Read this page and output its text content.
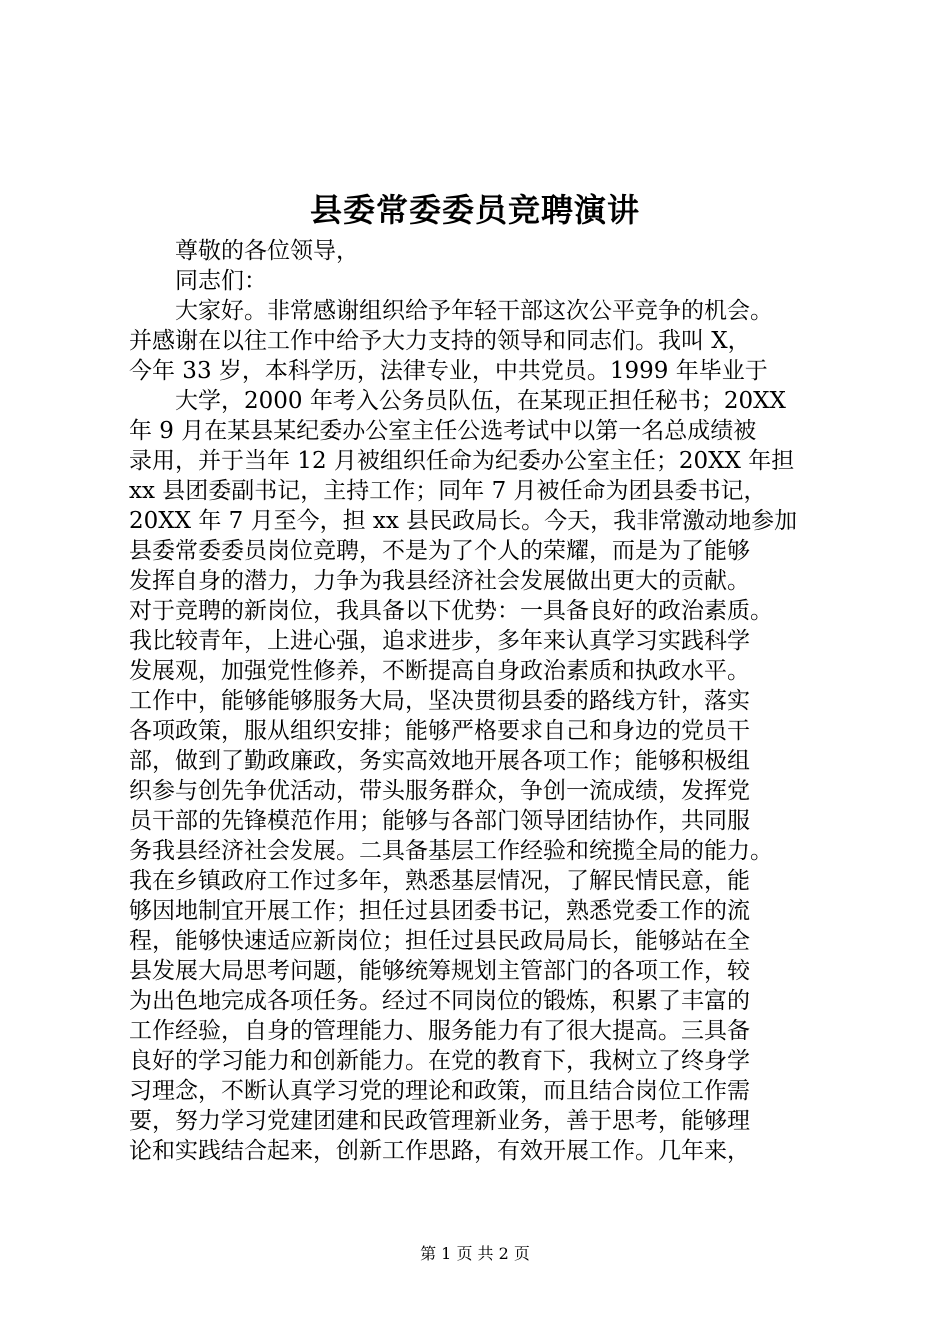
县委常委委员竞聘演讲
尊敬的各位领导，
同志们：
大家好。非常感谢组织给予年轻干部这次公平竞争的机会。
并感谢在以往工作中给予大力支持的领导和同志们。我叫 X，
今年 33 岁，本科学历，法律专业，中共党员。1999 年毕业于
大学，2000 年考入公务员队伍，在某现正担任秘书；20XX
年 9 月在某县某纪委办公室主任公选考试中以第一名总成绩被
录用，并于当年 12 月被组织任命为纪委办公室主任；20XX 年担
xx 县团委副书记，主持工作；同年 7 月被任命为团县委书记，
20XX 年 7 月至今，担 xx 县民政局长。今天，我非常激动地参加
县委常委委员岗位竞聘，不是为了个人的荣耀，而是为了能够
发挥自身的潜力，力争为我县经济社会发展做出更大的贡献。
对于竞聘的新岗位，我具备以下优势：一具备良好的政治素质。
我比较青年，上进心强，追求进步，多年来认真学习实践科学
发展观，加强党性修养，不断提高自身政治素质和执政水平。
工作中，能够能够服务大局，坚决贯彻县委的路线方针，落实
各项政策，服从组织安排；能够严格要求自己和身边的党员干
部，做到了勤政廉政，务实高效地开展各项工作；能够积极组
织参与创先争优活动，带头服务群众，争创一流成绩，发挥党
员干部的先锋模范作用；能够与各部门领导团结协作，共同服
务我县经济社会发展。二具备基层工作经验和统揽全局的能力。
我在乡镇政府工作过多年，熟悉基层情况，了解民情民意，能
够因地制宜开展工作；担任过县团委书记，熟悉党委工作的流
程，能够快速适应新岗位；担任过县民政局局长，能够站在全
县发展大局思考问题，能够统筹规划主管部门的各项工作，较
为出色地完成各项任务。经过不同岗位的锻炼，积累了丰富的
工作经验，自身的管理能力、服务能力有了很大提高。三具备
良好的学习能力和创新能力。在党的教育下，我树立了终身学
习理念，不断认真学习党的理论和政策，而且结合岗位工作需
要，努力学习党建团建和民政管理新业务，善于思考，能够理
论和实践结合起来，创新工作思路，有效开展工作。几年来，
第 1 页 共 2 页
